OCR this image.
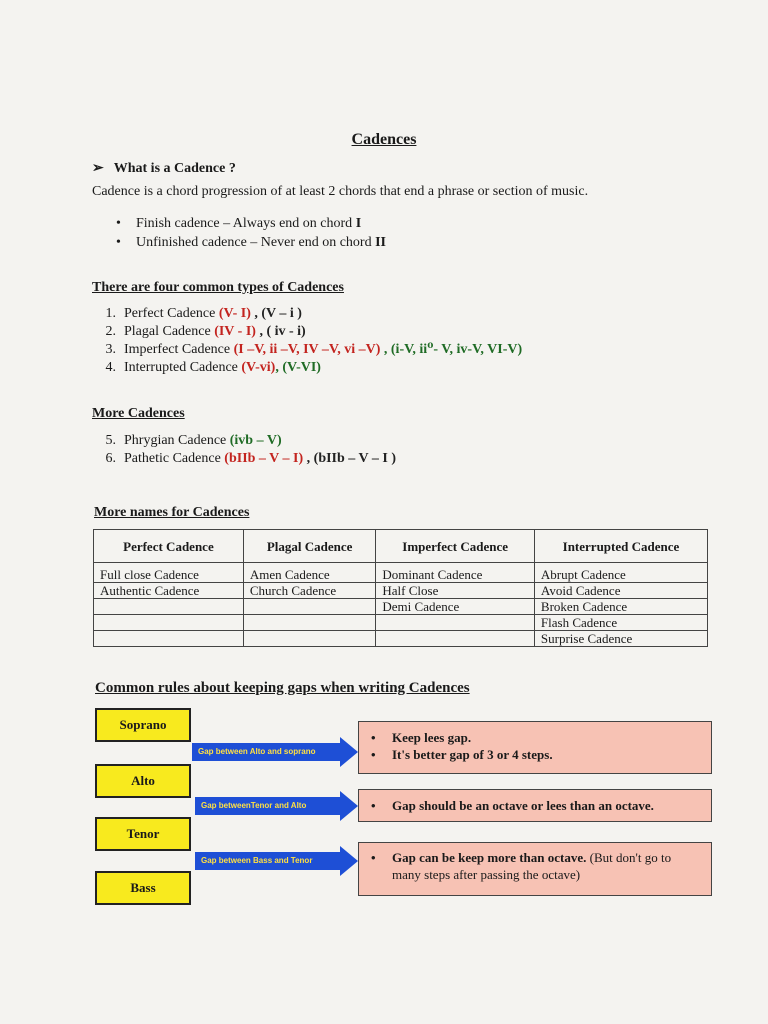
Cadences
➢ What is a Cadence ?
Cadence is a chord progression of at least 2 chords that end a phrase or section of music.
• Finish cadence – Always end on chord I
• Unfinished cadence – Never end on chord II
There are four common types of Cadences
1. Perfect Cadence (V- I) , (V – i )
2. Plagal Cadence (IV - I) , ( iv - i)
3. Imperfect Cadence (I –V, ii –V, IV –V, vi –V) , (i-V, ii⁰- V, iv-V, VI-V)
4. Interrupted Cadence (V-vi), (V-VI)
More Cadences
5. Phrygian Cadence (ivb – V)
6. Pathetic Cadence (bIIb – V – I) , (bIIb – V – I )
More names for Cadences
Perfect Cadence	Plagal Cadence	Imperfect Cadence	Interrupted Cadence
Full close Cadence	Amen Cadence	Dominant Cadence	Abrupt Cadence
Authentic Cadence	Church Cadence	Half Close	Avoid Cadence
		Demi Cadence	Broken Cadence
			Flash Cadence
			Surprise Cadence
Common rules about keeping gaps when writing Cadences
Soprano
Alto
Tenor
Bass
Gap between Alto and soprano
Gap betweenTenor and Alto
Gap between Bass and Tenor
• Keep lees gap.
• It's better gap of 3 or 4 steps.
• Gap should be an octave or lees than an octave.
• Gap can be keep more than octave. (But don't go to many steps after passing the octave)
